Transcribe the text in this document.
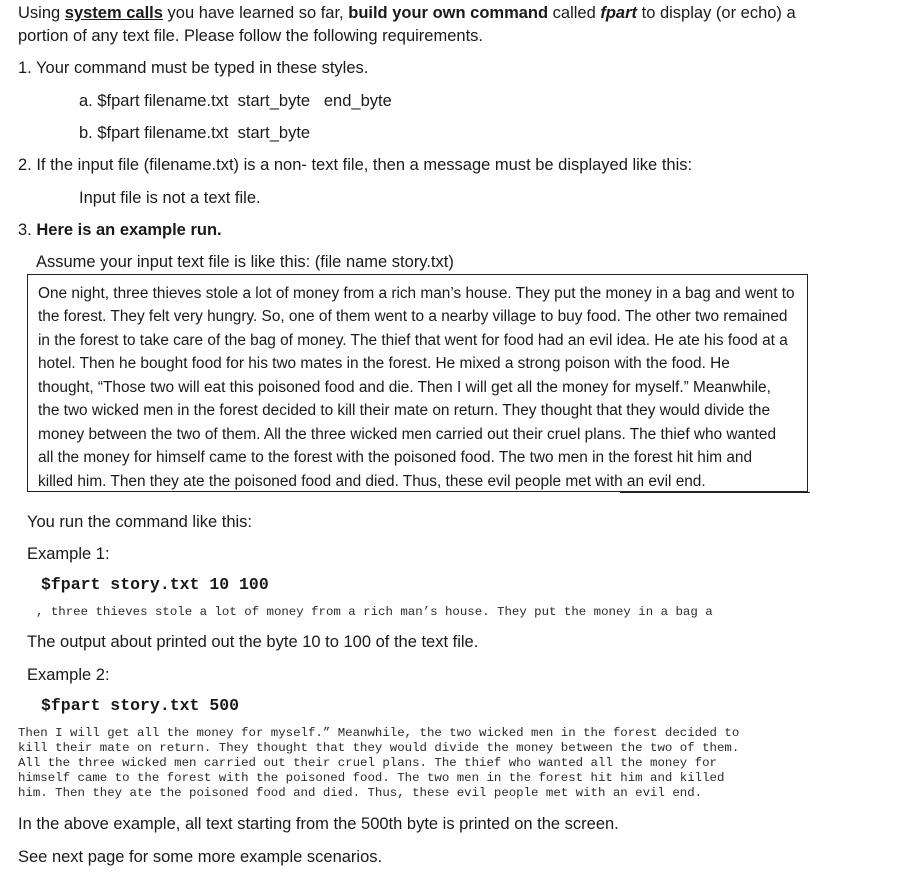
Using system calls you have learned so far, build your own command called fpart to display (or echo) a
portion of any text file. Please follow the following requirements.
1. Your command must be typed in these styles.
a. $fpart filename.txt  start_byte   end_byte
b. $fpart filename.txt  start_byte
2. If the input file (filename.txt) is a non- text file, then a message must be displayed like this:
Input file is not a text file.
3. Here is an example run.
Assume your input text file is like this: (file name story.txt)
One night, three thieves stole a lot of money from a rich man’s house. They put the money in a bag and went to
the forest. They felt very hungry. So, one of them went to a nearby village to buy food. The other two remained
in the forest to take care of the bag of money. The thief that went for food had an evil idea. He ate his food at a
hotel. Then he bought food for his two mates in the forest. He mixed a strong poison with the food. He
thought, “Those two will eat this poisoned food and die. Then I will get all the money for myself.” Meanwhile,
the two wicked men in the forest decided to kill their mate on return. They thought that they would divide the
money between the two of them. All the three wicked men carried out their cruel plans. The thief who wanted
all the money for himself came to the forest with the poisoned food. The two men in the forest hit him and
killed him. Then they ate the poisoned food and died. Thus, these evil people met with an evil end.
You run the command like this:
Example 1:
$fpart story.txt 10 100
, three thieves stole a lot of money from a rich man’s house. They put the money in a bag a
The output about printed out the byte 10 to 100 of the text file.
Example 2:
$fpart story.txt 500
Then I will get all the money for myself.” Meanwhile, the two wicked men in the forest decided to
kill their mate on return. They thought that they would divide the money between the two of them.
All the three wicked men carried out their cruel plans. The thief who wanted all the money for
himself came to the forest with the poisoned food. The two men in the forest hit him and killed
him. Then they ate the poisoned food and died. Thus, these evil people met with an evil end.
In the above example, all text starting from the 500th byte is printed on the screen.
See next page for some more example scenarios.
